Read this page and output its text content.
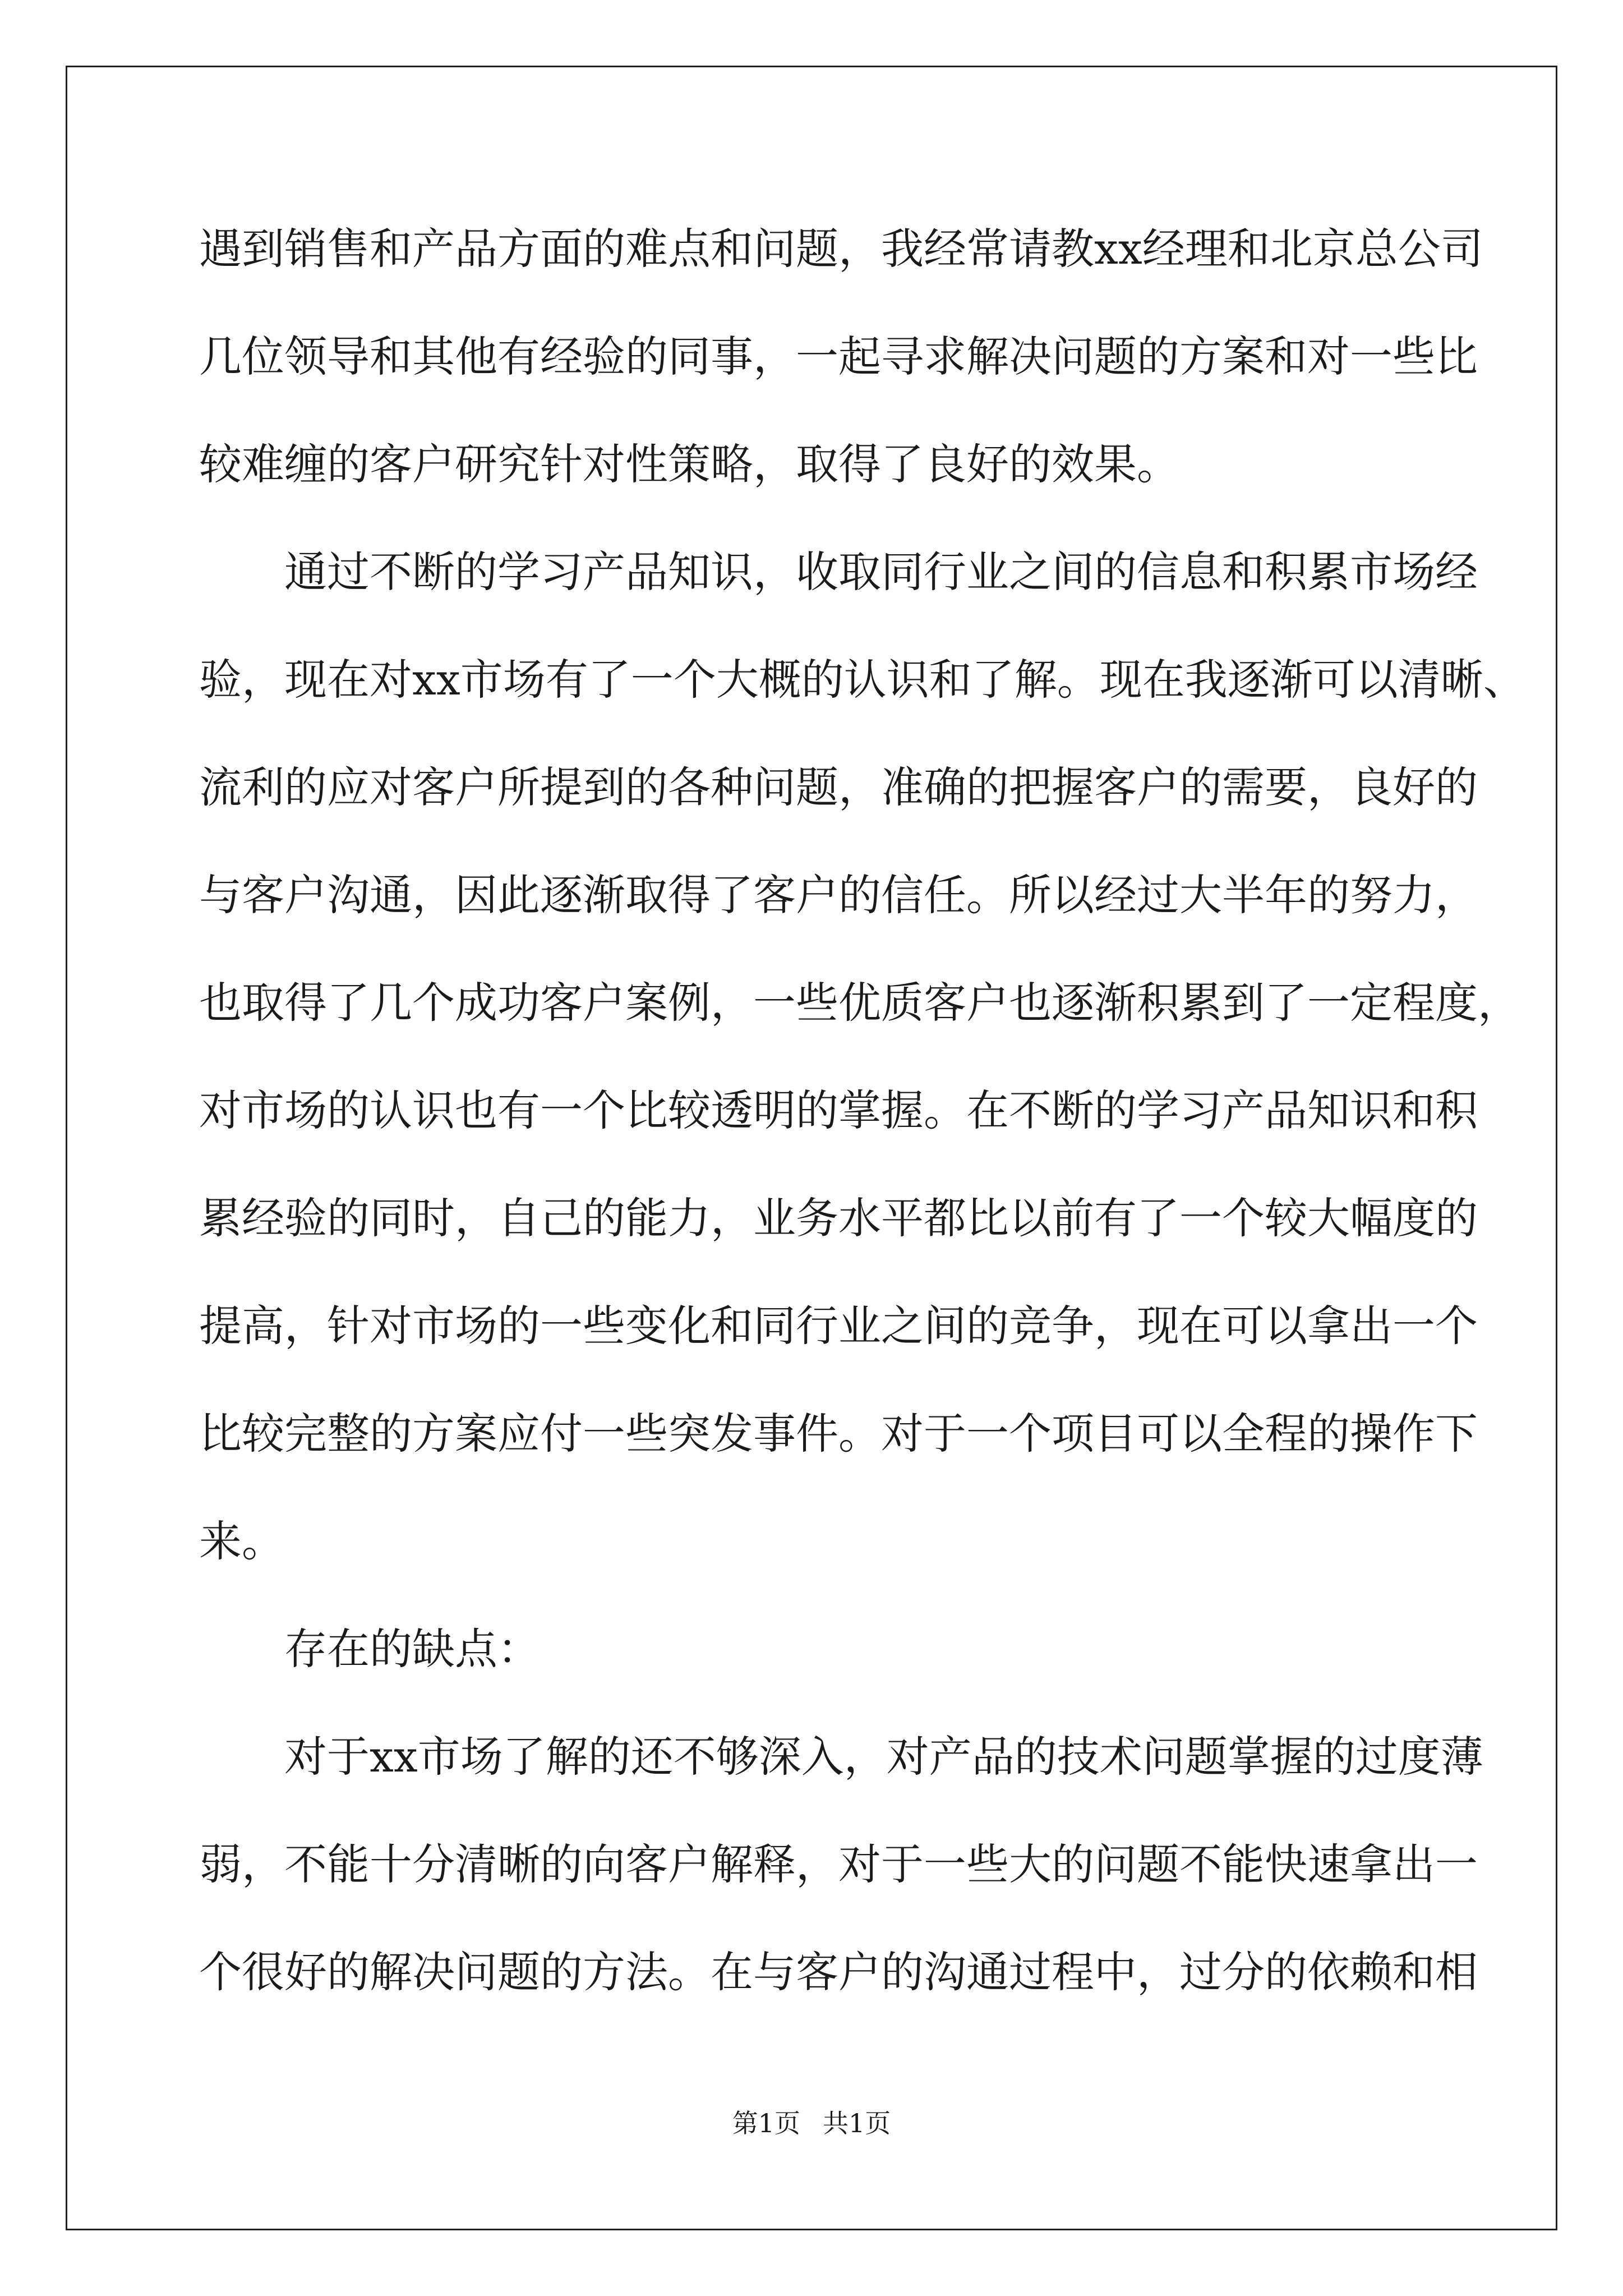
遇到销售和产品方面的难点和问题，我经常请教xx经理和北京总公司
几位领导和其他有经验的同事，一起寻求解决问题的方案和对一些比
较难缠的客户研究针对性策略，取得了良好的效果。
通过不断的学习产品知识，收取同行业之间的信息和积累市场经
验，现在对xx市场有了一个大概的认识和了解。现在我逐渐可以清晰、
流利的应对客户所提到的各种问题，准确的把握客户的需要，良好的
与客户沟通，因此逐渐取得了客户的信任。所以经过大半年的努力，
也取得了几个成功客户案例，一些优质客户也逐渐积累到了一定程度，
对市场的认识也有一个比较透明的掌握。在不断的学习产品知识和积
累经验的同时，自己的能力，业务水平都比以前有了一个较大幅度的
提高，针对市场的一些变化和同行业之间的竞争，现在可以拿出一个
比较完整的方案应付一些突发事件。对于一个项目可以全程的操作下
来。
存在的缺点：
对于xx市场了解的还不够深入，对产品的技术问题掌握的过度薄
弱，不能十分清晰的向客户解释，对于一些大的问题不能快速拿出一
个很好的解决问题的方法。在与客户的沟通过程中，过分的依赖和相
第1页 共1页
